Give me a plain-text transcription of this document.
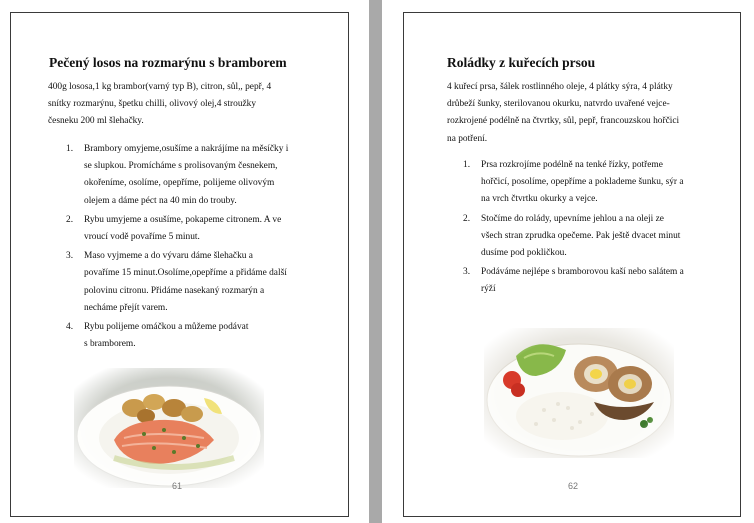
Pečený losos na rozmarýnu s bramborem
400g lososa,1 kg brambor(varný typ B), citron, sůl,, pepř, 4
snítky rozmarýnu, špetku chilli, olivový olej,4 stroužky
česneku 200 ml šlehačky.
1. Brambory omyjeme,osušíme a nakrájíme na měsíčky i
se slupkou. Promícháme s prolisovaným česnekem,
okořeníme, osolíme, opepříme, polijeme olivovým
olejem a dáme péct na 40 min do trouby.
2. Rybu umyjeme a osušíme, pokapeme citronem. A ve
vroucí vodě povaříme 5 minut.
3. Maso vyjmeme a do vývaru dáme šlehačku a
povaříme 15 minut.Osolíme,opepříme a přidáme další
polovinu citronu. Přidáme nasekaný rozmarýn a
necháme přejít varem.
4. Rybu polijeme omáčkou a můžeme podávat
s bramborem.
61
Roládky z kuřecích prsou
4 kuřecí prsa, šálek rostlinného oleje, 4 plátky sýra, 4 plátky
drůbeží šunky, sterilovanou okurku, natvrdo uvařené vejce-
rozkrojené podélně na čtvrtky, sůl, pepř, francouzskou hořčici
na potření.
1. Prsa rozkrojíme podélně na tenké řízky, potřeme
hořčicí, posolíme, opepříme a poklademe šunku, sýr a
na vrch čtvrtku okurky a vejce.
2. Stočíme do rolády, upevníme jehlou a na oleji ze
všech stran zprudka opečeme. Pak ještě dvacet minut
dusíme pod pokličkou.
3. Podáváme nejlépe s bramborovou kaší nebo salátem a
rýží
62
